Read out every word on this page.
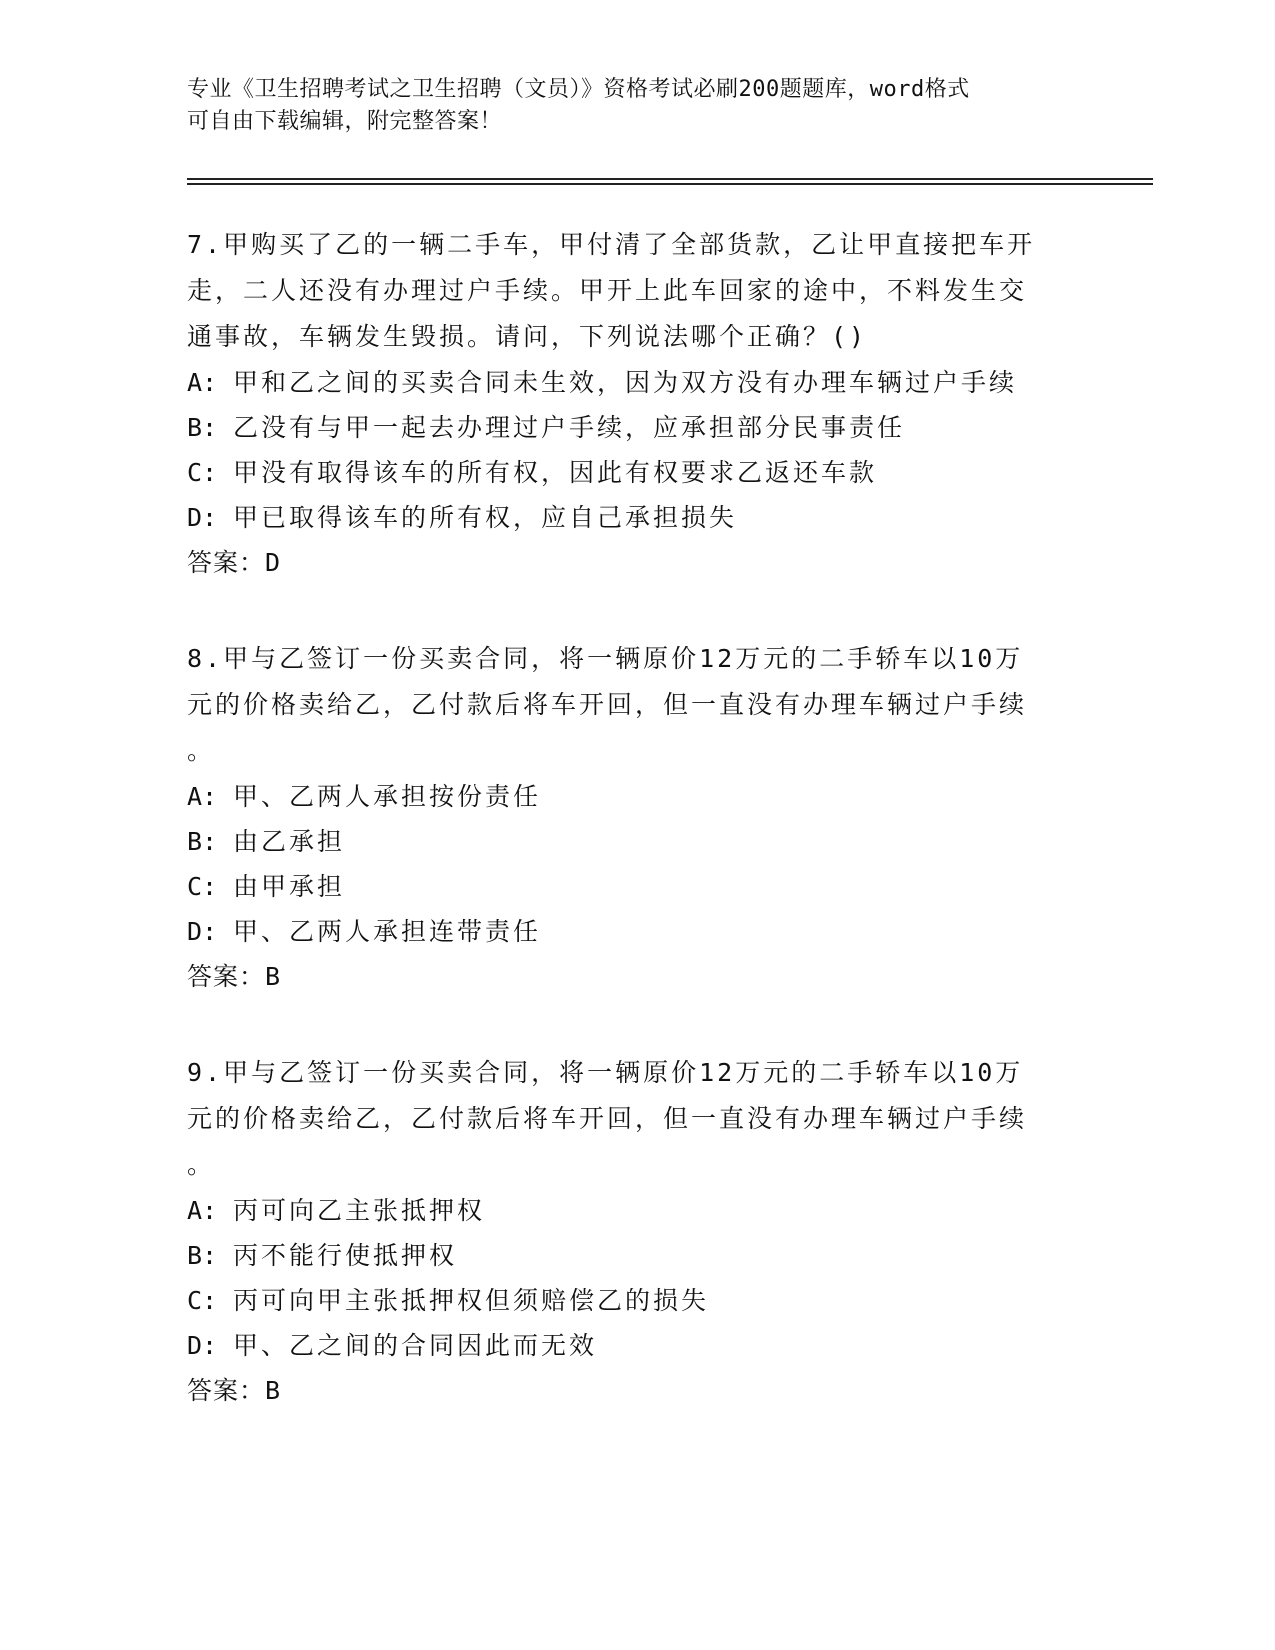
专业《卫生招聘考试之卫生招聘（文员）》资格考试必刷200题题库，word格式
可自由下载编辑，附完整答案！
7.甲购买了乙的一辆二手车，甲付清了全部货款，乙让甲直接把车开
走，二人还没有办理过户手续。甲开上此车回家的途中，不料发生交
通事故，车辆发生毁损。请问，下列说法哪个正确？()
A: 甲和乙之间的买卖合同未生效，因为双方没有办理车辆过户手续
B: 乙没有与甲一起去办理过户手续，应承担部分民事责任
C: 甲没有取得该车的所有权，因此有权要求乙返还车款
D: 甲已取得该车的所有权，应自己承担损失
答案：D
8.甲与乙签订一份买卖合同，将一辆原价12万元的二手轿车以10万
元的价格卖给乙，乙付款后将车开回，但一直没有办理车辆过户手续
。
A: 甲、乙两人承担按份责任
B: 由乙承担
C: 由甲承担
D: 甲、乙两人承担连带责任
答案：B
9.甲与乙签订一份买卖合同，将一辆原价12万元的二手轿车以10万
元的价格卖给乙，乙付款后将车开回，但一直没有办理车辆过户手续
。
A: 丙可向乙主张抵押权
B: 丙不能行使抵押权
C: 丙可向甲主张抵押权但须赔偿乙的损失
D: 甲、乙之间的合同因此而无效
答案：B
